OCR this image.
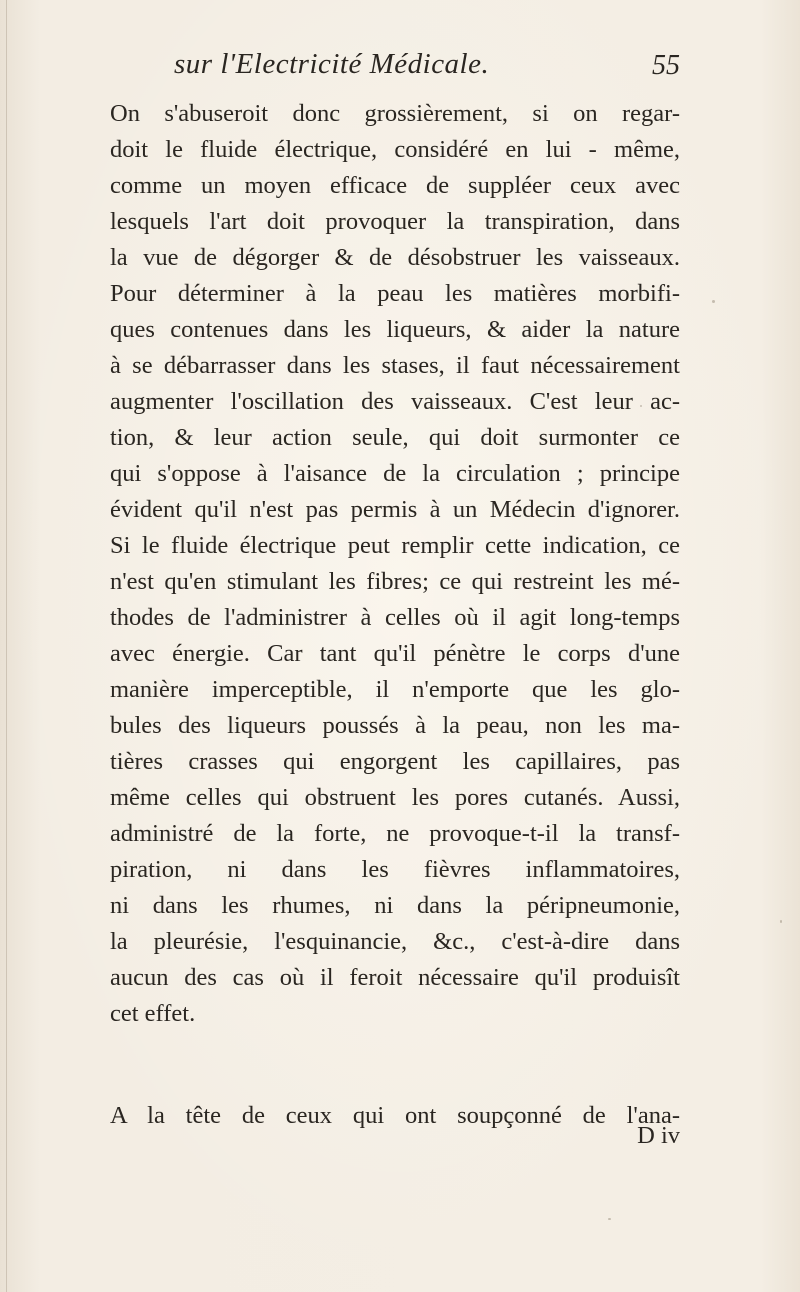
sur l'Electricité Médicale.	55
On s'abuseroit donc grossièrement, si on regar-
doit le fluide électrique, considéré en lui - même,
comme un moyen efficace de suppléer ceux avec
lesquels l'art doit provoquer la transpiration, dans
la vue de dégorger & de désobstruer les vaisseaux.
Pour déterminer à la peau les matières morbifi-
ques contenues dans les liqueurs, & aider la nature
à se débarrasser dans les stases, il faut nécessairement
augmenter l'oscillation des vaisseaux. C'est leur ac-
tion, & leur action seule, qui doit surmonter ce
qui s'oppose à l'aisance de la circulation ; principe
évident qu'il n'est pas permis à un Médecin d'ignorer.
Si le fluide électrique peut remplir cette indication, ce
n'est qu'en stimulant les fibres; ce qui restreint les mé-
thodes de l'administrer à celles où il agit long-temps
avec énergie. Car tant qu'il pénètre le corps d'une
manière imperceptible, il n'emporte que les glo-
bules des liqueurs poussés à la peau, non les ma-
tières crasses qui engorgent les capillaires, pas
même celles qui obstruent les pores cutanés. Aussi,
administré de la forte, ne provoque-t-il la transf-
piration, ni dans les fièvres inflammatoires,
ni dans les rhumes, ni dans la péripneumonie,
la pleurésie, l'esquinancie, &c., c'est-à-dire dans
aucun des cas où il feroit nécessaire qu'il produisît
cet effet.
A la tête de ceux qui ont soupçonné de l'ana-
D iv
